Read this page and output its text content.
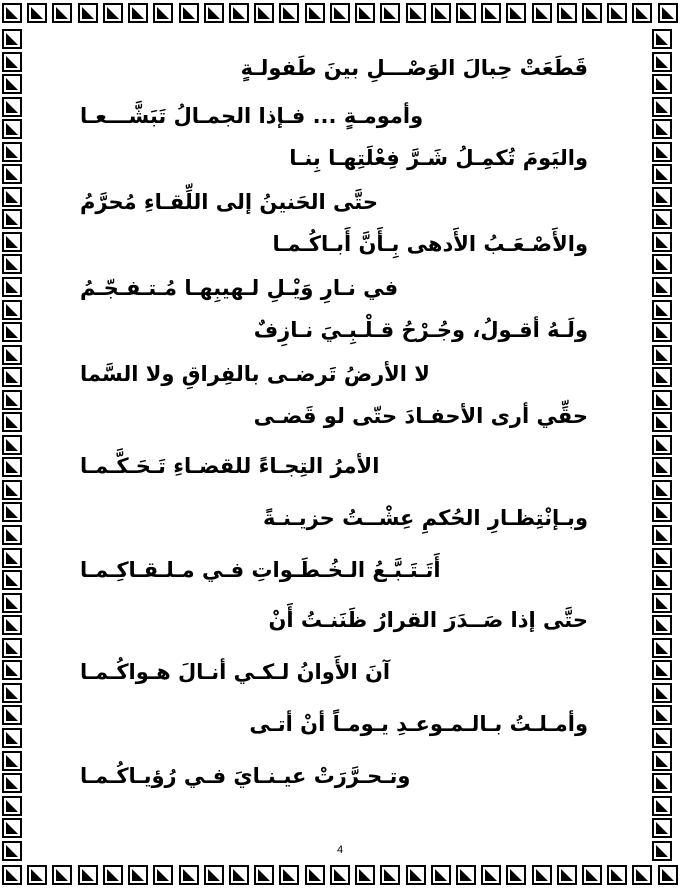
قَطَعَتْ حِبالَ الوَصْـــلِ بينَ طَفولـةٍ
وأمومـةٍ ... فـإذا الجمـالُ تَبَشَّـــعـا
واليَومَ تُكمِـلُ شَـرَّ فِعْلَتِهـا بِنـا
حتَّى الحَنينُ إلى اللِّقـاءِ مُحرَّمُ
والأَصْـعَـبُ الأَدهى بِـأَنَّ أَبـاكُـمـا
في نـارِ وَيْـلِ لـهيبِهـا مُـتـفـجّـمُ
ولَـهُ أقـولُ، وجُـرْحُ قـلْـبِـيَ نـازِفٌ
لا الأرضُ تَرضـى بالفِراقِ ولا السَّما
حقِّي أرى الأحفـادَ حتّى لو قَضـى
الأمرُ التِجـاءً للقضـاءِ تَـحَـكَّـمـا
وبـإنْتِظـارِ الحُكمِ عِشْــتُ حزيـنـةً
أَتَـتَـبَّـعُ الـخُـطَـواتِ فـي مـلـقـاكِـمـا
حتَّى إذا صَــدَرَ القرارُ ظَنَنـتُ أَنْ
آنَ الأَوانُ لـكـي أنـالَ هـواكُـمـا
وأمـلـتُ بـالـمـوعـدِ يـومـاً أنْ أتـى
وتـحـرَّرَتْ عيـنـايَ فـي رُؤيـاكُـمـا
4
